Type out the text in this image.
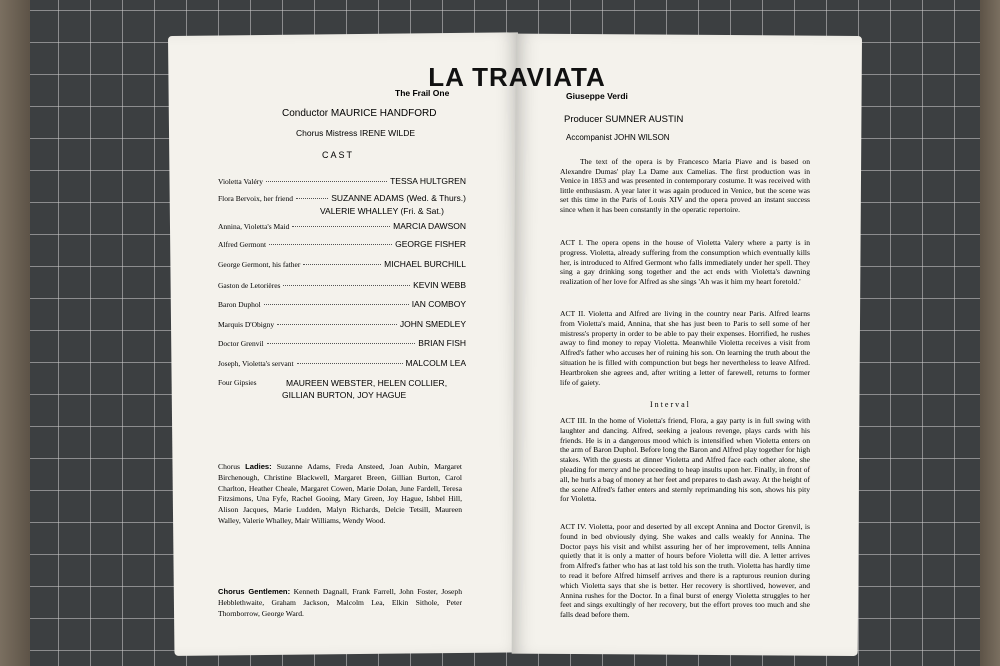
LA TRAVIATA
The Frail One	Giuseppe Verdi
Conductor MAURICE HANDFORD
Chorus Mistress IRENE WILDE
CAST
Violetta Valéry	TESSA HULTGREN
Flora Bervoix, her friend	SUZANNE ADAMS (Wed. & Thurs.)
VALERIE WHALLEY (Fri. & Sat.)
Annina, Violetta's Maid	MARCIA DAWSON
Alfred Germont	GEORGE FISHER
George Germont, his father	MICHAEL BURCHILL
Gaston de Letorières	KEVIN WEBB
Baron Duphol	IAN COMBOY
Marquis D'Obigny	JOHN SMEDLEY
Doctor Grenvil	BRIAN FISH
Joseph, Violetta's servant	MALCOLM LEA
Four Gipsies	MAUREEN WEBSTER, HELEN COLLIER,
GILLIAN BURTON, JOY HAGUE
Chorus Ladies: Suzanne Adams, Freda Ansteed, Joan Aubin, Margaret Birchenough, Christine Blackwell, Margaret Breen, Gillian Burton, Carol Charlton, Heather Cheale, Margaret Cowen, Marie Dolan, June Fardell, Teresa Fitzsimons, Una Fyfe, Rachel Gooing, Mary Green, Joy Hague, Ishbel Hill, Alison Jacques, Marie Ludden, Malyn Richards, Delcie Tetsill, Maureen Walley, Valerie Whalley, Mair Williams, Wendy Wood.
Chorus Gentlemen: Kenneth Dagnall, Frank Farrell, John Foster, Joseph Hebblethwaite, Graham Jackson, Malcolm Lea, Elkin Sithole, Peter Thornborrow, George Ward.
Producer SUMNER AUSTIN
Accompanist JOHN WILSON
The text of the opera is by Francesco Maria Piave and is based on Alexandre Dumas' play La Dame aux Camelias. The first production was in Venice in 1853 and was presented in contemporary costume. It was received with little enthusiasm. A year later it was again produced in Venice, but the scene was set this time in the Paris of Louis XIV and the opera proved an instant success since when it has been constantly in the operatic repertoire.
ACT I. The opera opens in the house of Violetta Valery where a party is in progress. Violetta, already suffering from the consumption which eventually kills her, is introduced to Alfred Germont who falls immediately under her spell. They sing a gay drinking song together and the act ends with Violetta's dawning realization of her love for Alfred as she sings 'Ah was it him my heart foretold.'
ACT II. Violetta and Alfred are living in the country near Paris. Alfred learns from Violetta's maid, Annina, that she has just been to Paris to sell some of her mistress's property in order to be able to pay their expenses. Horrified, he rushes away to find money to repay Violetta. Meanwhile Violetta receives a visit from Alfred's father who accuses her of ruining his son. On learning the truth about the situation he is filled with compunction but begs her nevertheless to leave Alfred. Heartbroken she agrees and, after writing a letter of farewell, returns to former life of gaiety.
Interval
ACT III. In the home of Violetta's friend, Flora, a gay party is in full swing with laughter and dancing. Alfred, seeking a jealous revenge, plays cards with his friends. He is in a dangerous mood which is intensified when Violetta enters on the arm of Baron Duphol. Before long the Baron and Alfred play together for high stakes. With the guests at dinner Violetta and Alfred face each other alone, she pleading for mercy and he proceeding to heap insults upon her. Finally, in front of all, he hurls a bag of money at her feet and prepares to dash away. At the height of the scene Alfred's father enters and sternly reprimanding his son, shows his pity for Violetta.
ACT IV. Violetta, poor and deserted by all except Annina and Doctor Grenvil, is found in bed obviously dying. She wakes and calls weakly for Annina. The Doctor pays his visit and whilst assuring her of her improvement, tells Annina quietly that it is only a matter of hours before Violetta will die. A letter arrives from Alfred's father who has at last told his son the truth. Violetta has hardly time to read it before Alfred himself arrives and there is a rapturous reunion during which Violetta says that she is better. Her recovery is shortlived, however, and Annina rushes for the Doctor. In a final burst of energy Violetta struggles to her feet and sings exultingly of her recovery, but the effort proves too much and she falls dead before them.
